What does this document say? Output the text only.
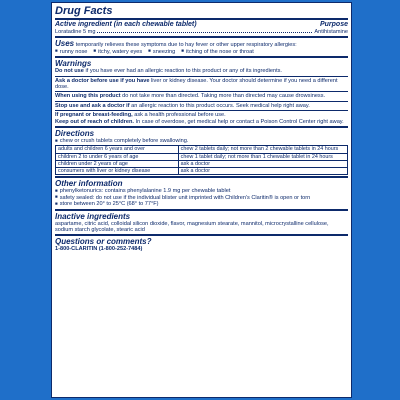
Drug Facts
Active ingredient (in each chewable tablet)	Purpose
Loratadine 5 mg	Antihistamine
Uses temporarily relieves these symptoms due to hay fever or other upper respiratory allergies:
■ runny nose	■ itchy, watery eyes	■ sneezing	■ itching of the nose or throat
Warnings
Do not use if you have ever had an allergic reaction to this product or any of its ingredients.
Ask a doctor before use if you have liver or kidney disease. Your doctor should determine if you need a different dose.
When using this product do not take more than directed. Taking more than directed may cause drowsiness.
Stop use and ask a doctor if an allergic reaction to this product occurs. Seek medical help right away.
If pregnant or breast-feeding, ask a health professional before use.
Keep out of reach of children. In case of overdose, get medical help or contact a Poison Control Center right away.
Directions
■ chew or crush tablets completely before swallowing.
adults and children 6 years and over	chew 2 tablets daily; not more than 2 chewable tablets in 24 hours
children 2 to under 6 years of age	chew 1 tablet daily; not more than 1 chewable tablet in 24 hours
children under 2 years of age	ask a doctor
consumers with liver or kidney disease	ask a doctor
Other information
■ phenylketonurics: contains phenylalanine 1.9 mg per chewable tablet
■ safety sealed: do not use if the individual blister unit imprinted with Children's Claritin® is open or torn
■ store between 20° to 25°C (68° to 77°F)
Inactive ingredients
aspartame, citric acid, colloidal silicon dioxide, flavor, magnesium stearate, mannitol, microcrystalline cellulose, sodium starch glycolate, stearic acid
Questions or comments?
1-800-CLARITIN (1-800-252-7484)
